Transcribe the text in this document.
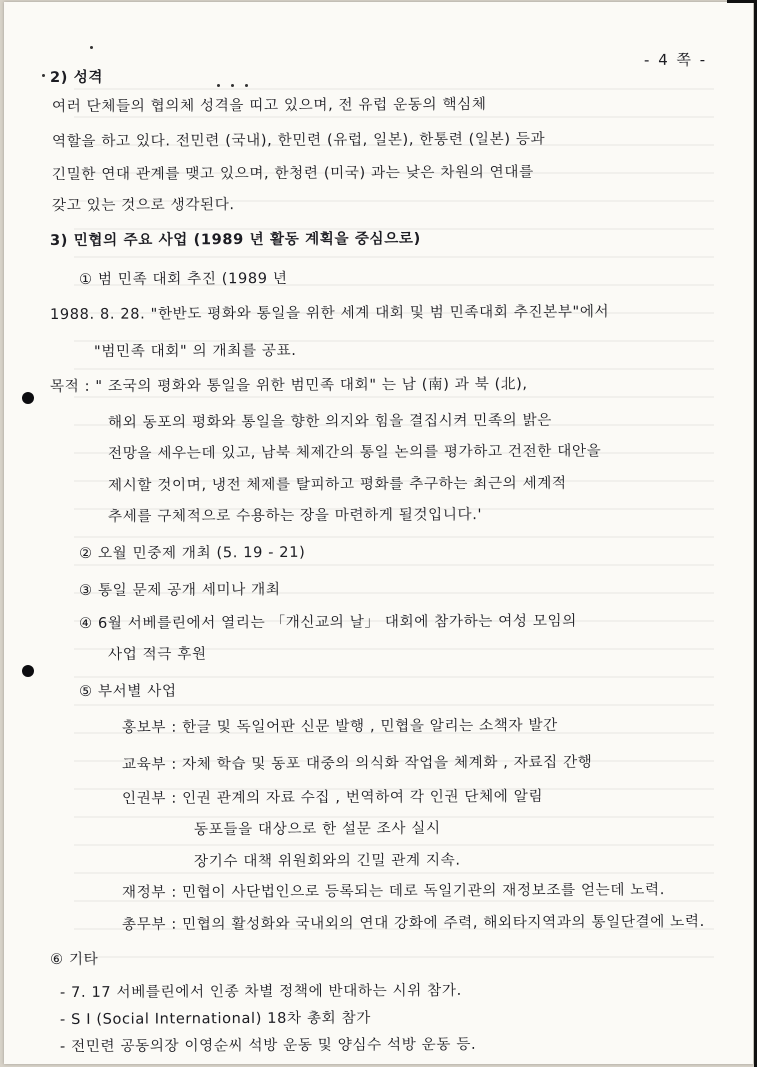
- 4 쪽 -
2) 성격
여러 단체들의 협의체 성격을 띠고 있으며, 전 유럽 운동의 핵심체
역할을 하고 있다. 전민련 (국내), 한민련 (유럽, 일본), 한통련 (일본) 등과
긴밀한 연대 관계를 맺고 있으며, 한청련 (미국) 과는 낮은 차원의 연대를
갖고 있는 것으로 생각된다.
3) 민협의 주요 사업 (1989 년 활동 계획을 중심으로)
① 범 민족 대회 추진 (1989 년
1988. 8. 28. "한반도 평화와 통일을 위한 세계 대회 및 범 민족대회 추진본부"에서
"범민족 대회" 의 개최를 공표.
목적 : " 조국의 평화와 통일을 위한 범민족 대회" 는 남 (南) 과 북 (北),
해외 동포의 평화와 통일을 향한 의지와 힘을 결집시켜 민족의 밝은
전망을 세우는데 있고, 남북 체제간의 통일 논의를 평가하고 건전한 대안을
제시할 것이며, 냉전 체제를 탈피하고 평화를 추구하는 최근의 세계적
추세를 구체적으로 수용하는 장을 마련하게 될것입니다.'
② 오월 민중제 개최 (5. 19 - 21)
③ 통일 문제 공개 세미나 개최
④ 6월 서베를린에서 열리는 「개신교의 날」 대회에 참가하는 여성 모임의
사업 적극 후원
⑤ 부서별 사업
홍보부 : 한글 및 독일어판 신문 발행 , 민협을 알리는 소책자 발간
교육부 : 자체 학습 및 동포 대중의 의식화 작업을 체계화 , 자료집 간행
인권부 : 인권 관계의 자료 수집 , 번역하여 각 인권 단체에 알림
동포들을 대상으로 한 설문 조사 실시
장기수 대책 위원회와의 긴밀 관계 지속.
재정부 : 민협이 사단법인으로 등록되는 데로 독일기관의 재정보조를 얻는데 노력.
총무부 : 민협의 활성화와 국내외의 연대 강화에 주력, 해외타지역과의 통일단결에 노력.
⑥ 기타
- 7. 17 서베를린에서 인종 차별 정책에 반대하는 시위 참가.
- S I (Social International) 18차 총회 참가
- 전민련 공동의장 이영순씨 석방 운동 및 양심수 석방 운동 등.
